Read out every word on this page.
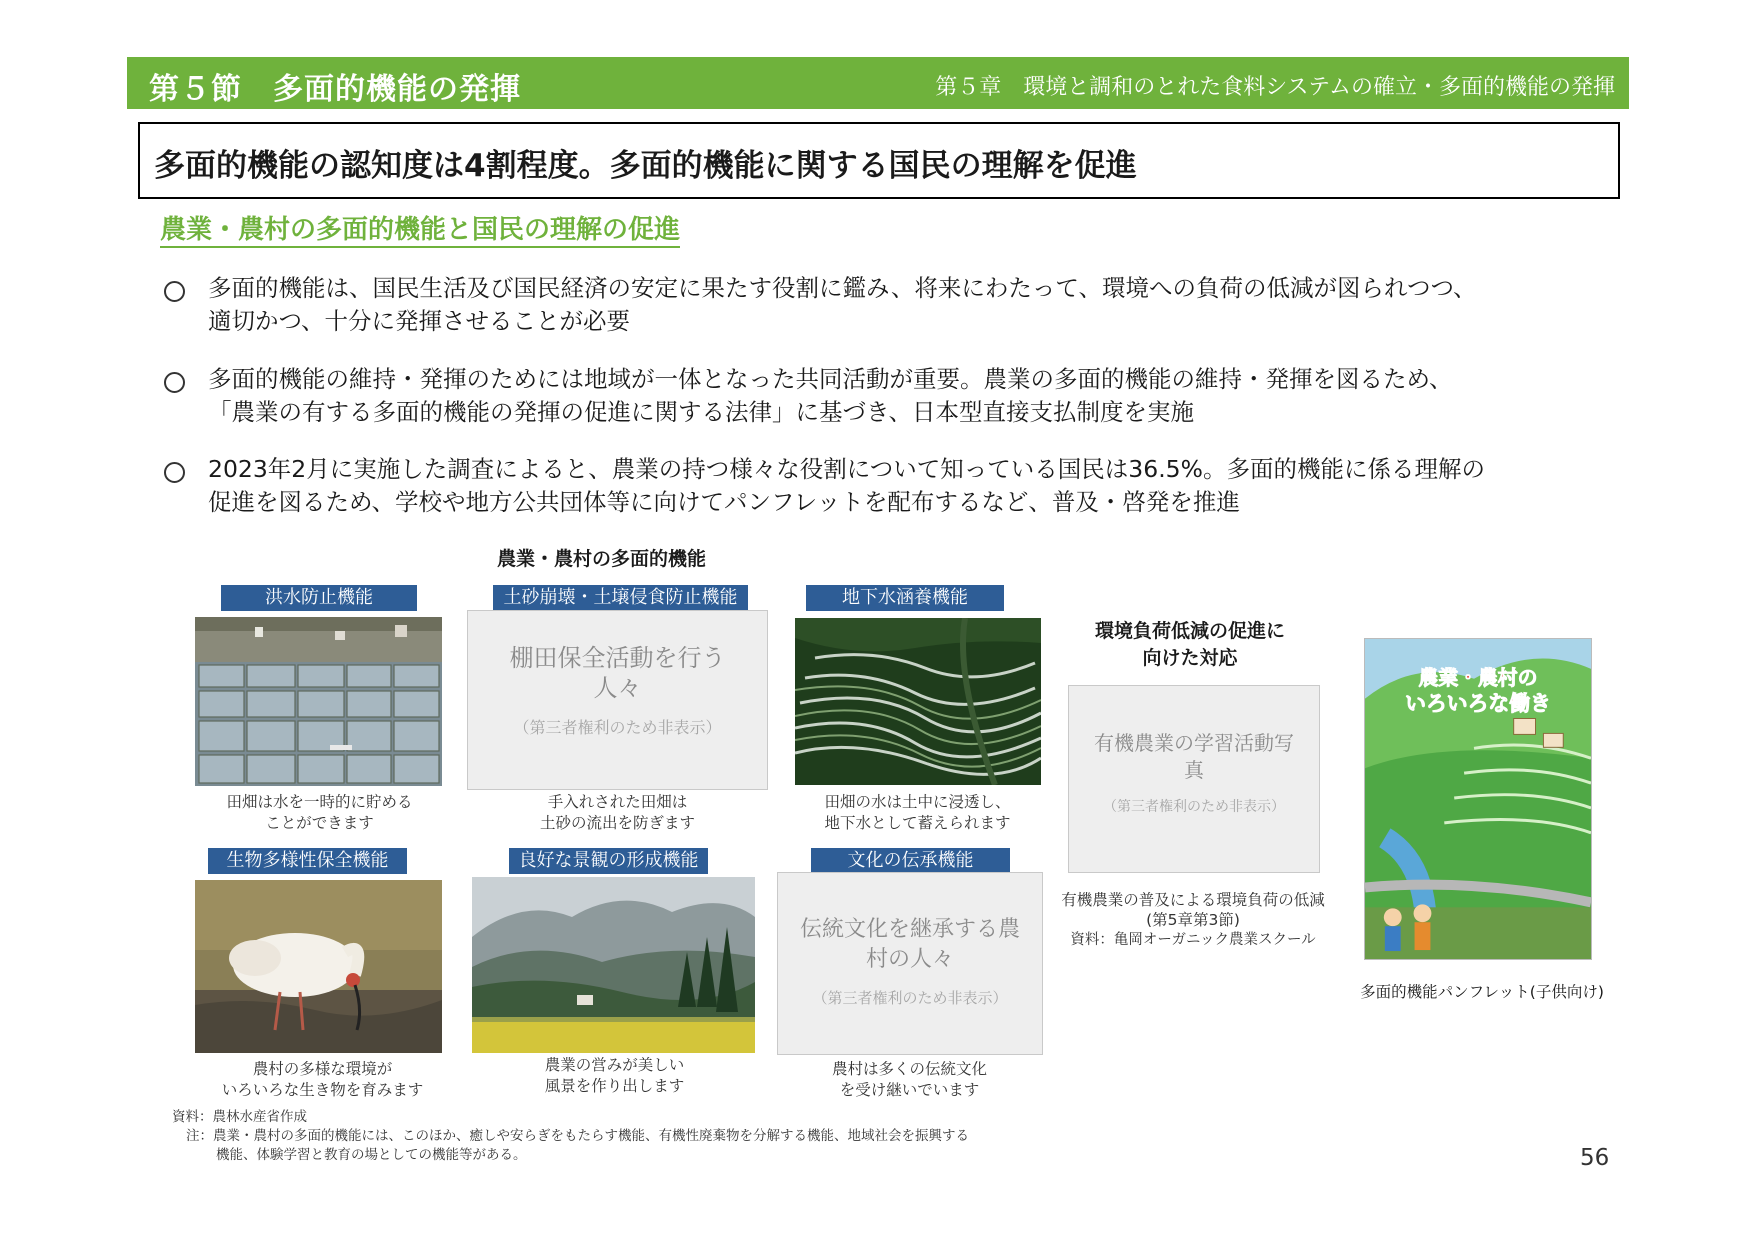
第５節　多面的機能の発揮	第５章　環境と調和のとれた食料システムの確立・多面的機能の発揮
多面的機能の認知度は4割程度。多面的機能に関する国民の理解を促進
農業・農村の多面的機能と国民の理解の促進
多面的機能は、国民生活及び国民経済の安定に果たす役割に鑑み、将来にわたって、環境への負荷の低減が図られつつ、
適切かつ、十分に発揮させることが必要
多面的機能の維持・発揮のためには地域が一体となった共同活動が重要。農業の多面的機能の維持・発揮を図るため、
「農業の有する多面的機能の発揮の促進に関する法律」に基づき、日本型直接支払制度を実施
2023年2月に実施した調査によると、農業の持つ様々な役割について知っている国民は36.5%。多面的機能に係る理解の
促進を図るため、学校や地方公共団体等に向けてパンフレットを配布するなど、普及・啓発を推進
農業・農村の多面的機能
洪水防止機能	土砂崩壊・土壌侵食防止機能	地下水涵養機能
棚田保全活動を行う人々
（第三者権利のため非表示）
田畑は水を一時的に貯める
ことができます
手入れされた田畑は
土砂の流出を防ぎます
田畑の水は土中に浸透し、
地下水として蓄えられます
生物多様性保全機能	良好な景観の形成機能	文化の伝承機能
伝統文化を継承する農村の人々
（第三者権利のため非表示）
農村の多様な環境が
いろいろな生き物を育みます
農業の営みが美しい
風景を作り出します
農村は多くの伝統文化
を受け継いでいます
環境負荷低減の促進に
向けた対応
有機農業の学習活動写真
（第三者権利のため非表示）
有機農業の普及による環境負荷の低減
(第5章第3節)
資料：亀岡オーガニック農業スクール
農業・農村の
いろいろな働き
多面的機能パンフレット(子供向け)
資料：農林水産省作成
注：農業・農村の多面的機能には、このほか、癒しや安らぎをもたらす機能、有機性廃棄物を分解する機能、地域社会を振興する
機能、体験学習と教育の場としての機能等がある。	56
